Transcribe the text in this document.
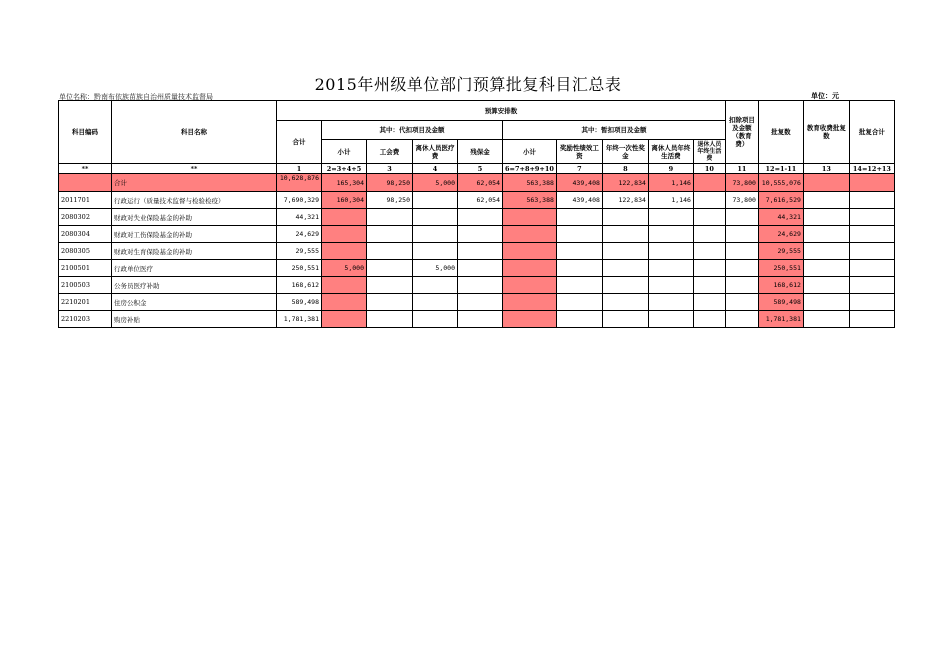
2015年州级单位部门预算批复科目汇总表
单位名称：黔南布依族苗族自治州质量技术监督局	单位：元
科目编码	科目名称	预算安排数										扣除项目及金额（教育费）	批复数	教育收费批复数	批复合计
		合计	其中：代扣项目及金额				其中：暂扣项目及金额								
			小计	工会费	离休人员医疗费	残保金	小计	奖励性绩效工资	年终一次性奖金	离休人员年终生活费	退休人员年终生活费				
**	**	1	2=3+4+5	3	4	5	6=7+8+9+10	7	8	9	10	11	12=1-11	13	14=12+13
	合计	10,628,876	165,304	98,250	5,000	62,054	563,388	439,408	122,834	1,146		73,800	10,555,076		
2011701	行政运行（质量技术监督与检验检疫）	7,690,329	160,304	98,250		62,054	563,388	439,408	122,834	1,146		73,800	7,616,529		
2080302	财政对失业保险基金的补助	44,321											44,321		
2080304	财政对工伤保险基金的补助	24,629											24,629		
2080305	财政对生育保险基金的补助	29,555											29,555		
2100501	行政单位医疗	250,551	5,000		5,000								250,551		
2100503	公务员医疗补助	168,612											168,612		
2210201	住房公积金	589,498											589,498		
2210203	购房补贴	1,781,381											1,781,381		
